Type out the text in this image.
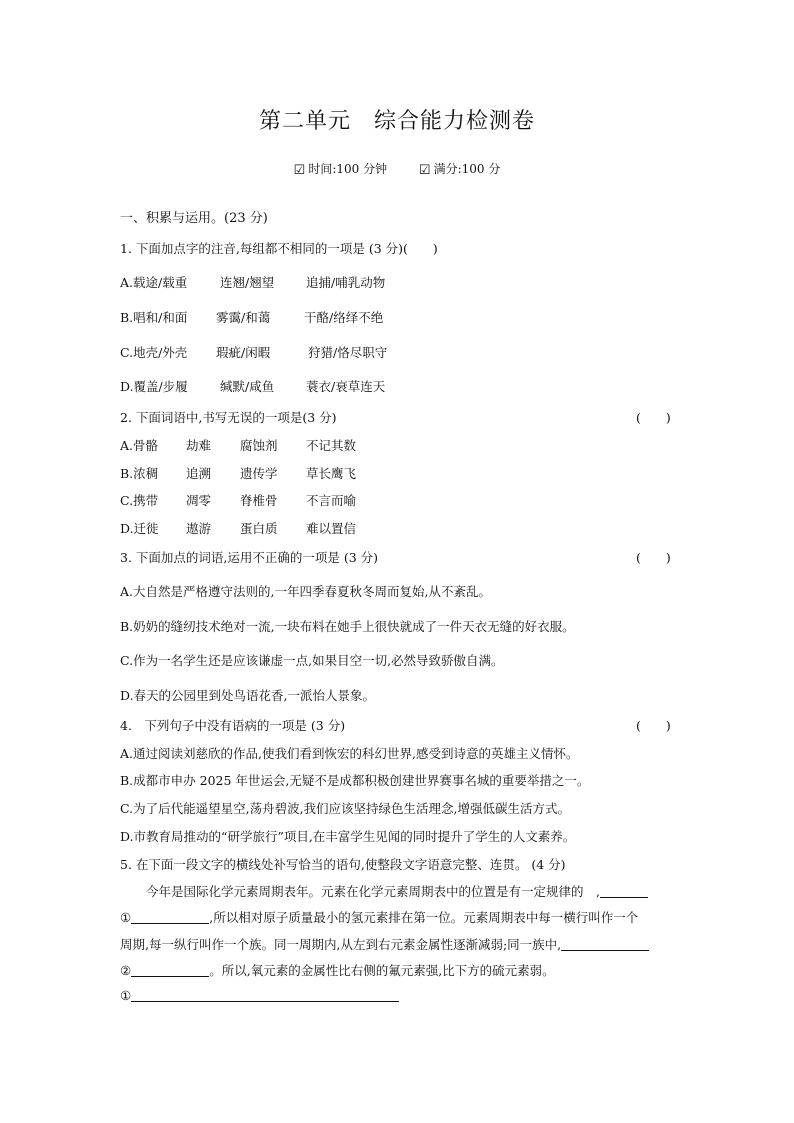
第二单元　综合能力检测卷
☑ 时间:100 分钟 ☑ 满分:100 分
一、积累与运用。(23 分)
1. 下面加点字的注音,每组都不相同的一项是 (3 分)(　　)
A.载途/载重	连翘/翘望	追捕/哺乳动物
B.唱和/和面 雾霭/和蔼	干酪/络绎不绝
C.地壳/外壳 瑕疵/闲暇	狩猎/恪尽职守
D.覆盖/步履	缄默/咸鱼	蓑衣/衰草连天
2. 下面词语中,书写无误的一项是(3 分)	(　　)
A.骨骼 劫难 腐蚀剂 不记其数
B.浓稠 追溯 遗传学 草长鹰飞
C.携带 凋零 脊椎骨 不言而喻
D.迁徙 遨游 蛋白质 难以置信
3. 下面加点的词语,运用不正确的一项是 (3 分)	(　　)
A.大自然是严格遵守法则的,一年四季春夏秋冬周而复始,从不紊乱。
B.奶奶的缝纫技术绝对一流,一块布料在她手上很快就成了一件天衣无缝的好衣服。
C.作为一名学生还是应该谦虚一点,如果目空一切,必然导致骄傲自满。
D.春天的公园里到处鸟语花香,一派怡人景象。
4.　下列句子中没有语病的一项是 (3 分)	(　　)
A.通过阅读刘慈欣的作品,使我们看到恢宏的科幻世界,感受到诗意的英雄主义情怀。
B.成都市申办 2025 年世运会,无疑不是成都积极创建世界赛事名城的重要举措之一。
C.为了后代能遥望星空,荡舟碧波,我们应该坚持绿色生活理念,增强低碳生活方式。
D.市教育局推动的“研学旅行”项目,在丰富学生见闻的同时提升了学生的人文素养。
5. 在下面一段文字的横线处补写恰当的语句,使整段文字语意完整、连贯。 (4 分)
今年是国际化学元素周期表年。元素在化学元素周期表中的位置是有一定规律的　,
①	,所以相对原子质量最小的氢元素排在第一位。元素周期表中每一横行叫作一个
周期,每一纵行叫作一个族。同一周期内,从左到右元素金属性逐渐减弱;同一族中,
②	。所以,氧元素的金属性比右侧的氟元素强,比下方的硫元素弱。
①
